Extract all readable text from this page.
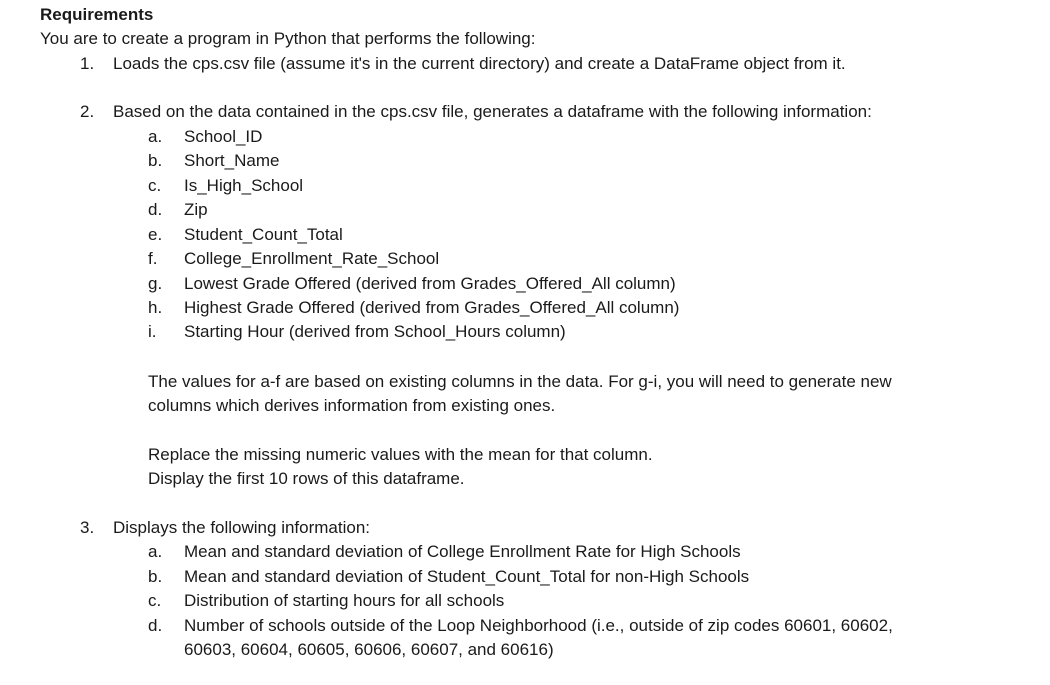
Requirements
You are to create a program in Python that performs the following:
1. Loads the cps.csv file (assume it's in the current directory) and create a DataFrame object from it.
2. Based on the data contained in the cps.csv file, generates a dataframe with the following information:
a. School_ID
b. Short_Name
c. Is_High_School
d. Zip
e. Student_Count_Total
f. College_Enrollment_Rate_School
g. Lowest Grade Offered (derived from Grades_Offered_All column)
h. Highest Grade Offered (derived from Grades_Offered_All column)
i. Starting Hour (derived from School_Hours column)
The values for a-f are based on existing columns in the data. For g-i, you will need to generate new
columns which derives information from existing ones.
Replace the missing numeric values with the mean for that column.
Display the first 10 rows of this dataframe.
3. Displays the following information:
a. Mean and standard deviation of College Enrollment Rate for High Schools
b. Mean and standard deviation of Student_Count_Total for non-High Schools
c. Distribution of starting hours for all schools
d. Number of schools outside of the Loop Neighborhood (i.e., outside of zip codes 60601, 60602,
60603, 60604, 60605, 60606, 60607, and 60616)
